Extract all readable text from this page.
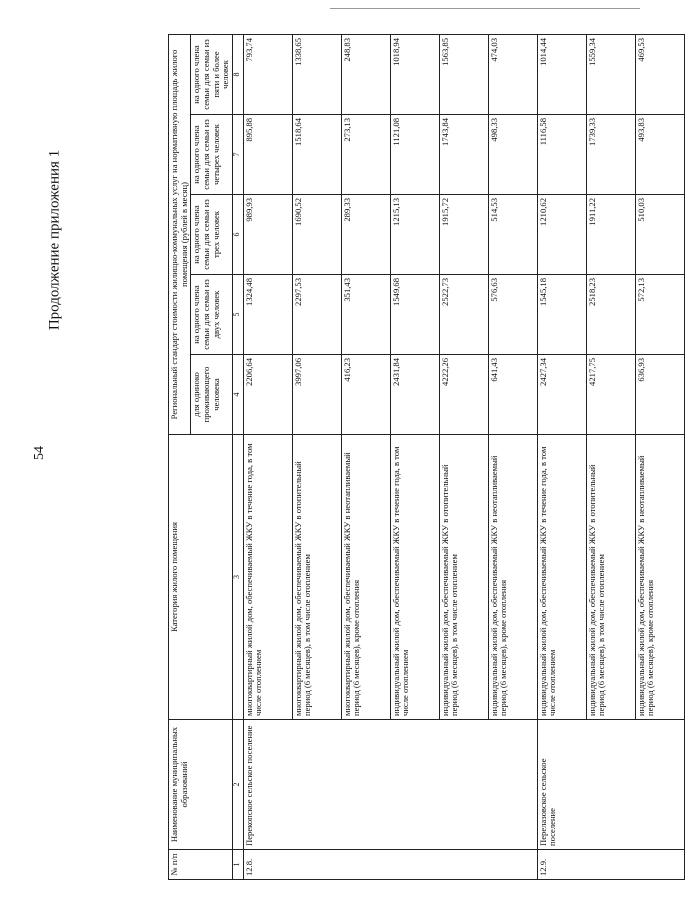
54
Продолжение приложения 1
№ п/п	Наименование муниципальных образований	Категория жилого помещения	Региональный стандарт стоимости жилищно-коммунальных услуг на нормативную площадь жилого помещения (рублей в месяц)				
			для одиноко проживающего человека	на одного члена семьи для семьи из двух человек	на одного члена семьи для семьи из трех человек	на одного члена семьи для семьи из четырех человек	на одного члена семьи для семьи из пяти и более человек
1	2	3	4	5	6	7	8
12.8.	Перекопское сельское поселение	многоквартирный жилой дом, обеспечиваемый ЖКУ в течение года, в том числе отоплением	2206,64	1324,48	989,93	895,88	793,74
		многоквартирный жилой дом, обеспечиваемый ЖКУ в отопительный период (6 месяцев), в том числе отоплением	3997,06	2297,53	1690,52	1518,64	1338,65
		многоквартирный жилой дом, обеспечиваемый ЖКУ в неотапливаемый период (6 месяцев), кроме отопления	416,23	351,43	289,33	273,13	248,83
		индивидуальный жилой дом, обеспечиваемый ЖКУ в течение года, в том числе отоплением	2431,84	1549,68	1215,13	1121,08	1018,94
		индивидуальный жилой дом, обеспечиваемый ЖКУ в отопительный период (6 месяцев), в том числе отоплением	4222,26	2522,73	1915,72	1743,84	1563,85
		индивидуальный жилой дом, обеспечиваемый ЖКУ в неотапливаемый период (6 месяцев), кроме отопления	641,43	576,63	514,53	498,33	474,03
12.9.	Перелазовское сельское поселение	индивидуальный жилой дом, обеспечиваемый ЖКУ в течение года, в том числе отоплением	2427,34	1545,18	1210,62	1116,58	1014,44
		индивидуальный жилой дом, обеспечиваемый ЖКУ в отопительный период (6 месяцев), в том числе отоплением	4217,75	2518,23	1911,22	1739,33	1559,34
		индивидуальный жилой дом, обеспечиваемый ЖКУ в неотапливаемый период (6 месяцев), кроме отопления	636,93	572,13	510,03	493,83	469,53
